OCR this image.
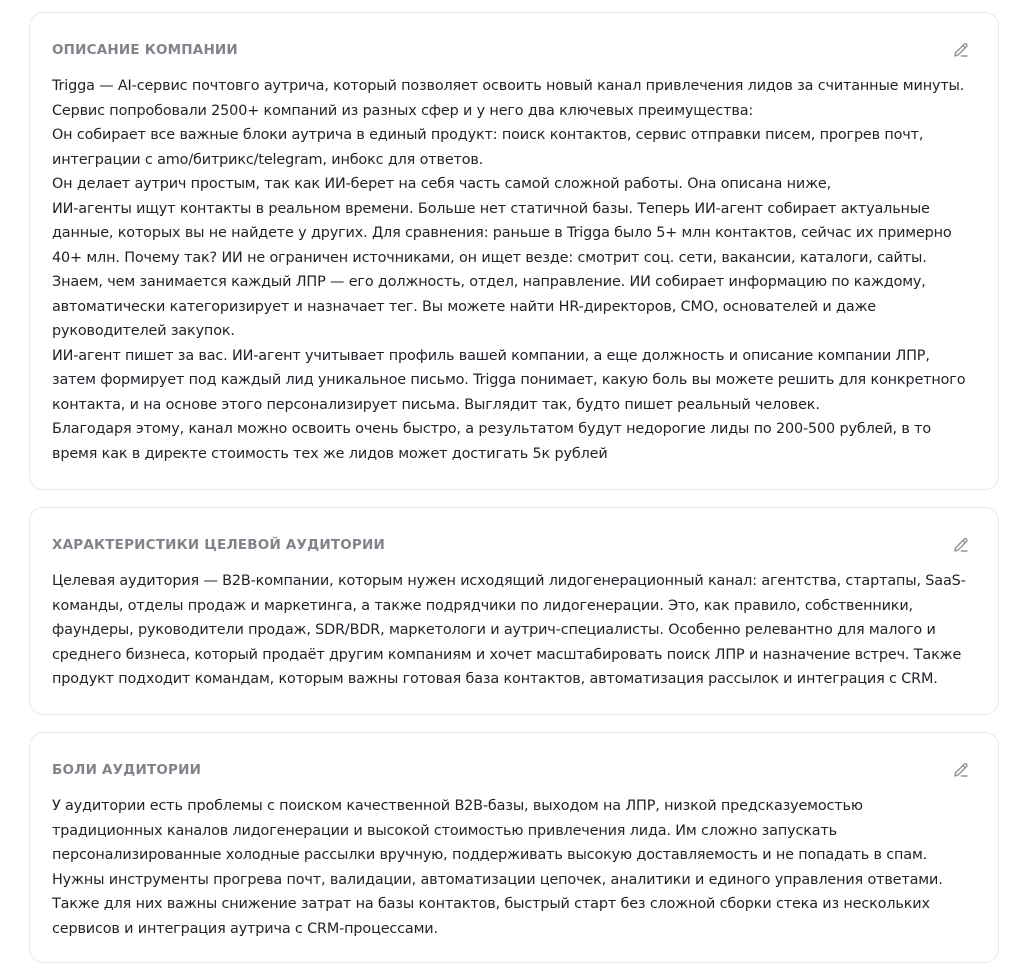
ОПИСАНИЕ КОМПАНИИ
Trigga — AI-сервис почтовго аутрича, который позволяет освоить новый канал привлечения лидов за считанные минуты.
Сервис попробовали 2500+ компаний из разных сфер и у него два ключевых преимущества:
Он собирает все важные блоки аутрича в единый продукт: поиск контактов, сервис отправки писем, прогрев почт,
интеграции с amo/битрикс/telegram, инбокс для ответов.
Он делает аутрич простым, так как ИИ-берет на себя часть самой сложной работы. Она описана ниже,
ИИ-агенты ищут контакты в реальном времени. Больше нет статичной базы. Теперь ИИ-агент собирает актуальные
данные, которых вы не найдете у других. Для сравнения: раньше в Trigga было 5+ млн контактов, сейчас их примерно
40+ млн. Почему так? ИИ не ограничен источниками, он ищет везде: смотрит соц. сети, вакансии, каталоги, сайты.
Знаем, чем занимается каждый ЛПР — его должность, отдел, направление. ИИ собирает информацию по каждому,
автоматически категоризирует и назначает тег. Вы можете найти HR-директоров, CMO, основателей и даже
руководителей закупок.
ИИ-агент пишет за вас. ИИ-агент учитывает профиль вашей компании, а еще должность и описание компании ЛПР,
затем формирует под каждый лид уникальное письмо. Trigga понимает, какую боль вы можете решить для конкретного
контакта, и на основе этого персонализирует письма. Выглядит так, будто пишет реальный человек.
Благодаря этому, канал можно освоить очень быстро, а результатом будут недорогие лиды по 200-500 рублей, в то
время как в директе стоимость тех же лидов может достигать 5к рублей
ХАРАКТЕРИСТИКИ ЦЕЛЕВОЙ АУДИТОРИИ
Целевая аудитория — B2B-компании, которым нужен исходящий лидогенерационный канал: агентства, стартапы, SaaS-
команды, отделы продаж и маркетинга, а также подрядчики по лидогенерации. Это, как правило, собственники,
фаундеры, руководители продаж, SDR/BDR, маркетологи и аутрич-специалисты. Особенно релевантно для малого и
среднего бизнеса, который продаёт другим компаниям и хочет масштабировать поиск ЛПР и назначение встреч. Также
продукт подходит командам, которым важны готовая база контактов, автоматизация рассылок и интеграция с CRM.
БОЛИ АУДИТОРИИ
У аудитории есть проблемы с поиском качественной B2B-базы, выходом на ЛПР, низкой предсказуемостью
традиционных каналов лидогенерации и высокой стоимостью привлечения лида. Им сложно запускать
персонализированные холодные рассылки вручную, поддерживать высокую доставляемость и не попадать в спам.
Нужны инструменты прогрева почт, валидации, автоматизации цепочек, аналитики и единого управления ответами.
Также для них важны снижение затрат на базы контактов, быстрый старт без сложной сборки стека из нескольких
сервисов и интеграция аутрича с CRM-процессами.
